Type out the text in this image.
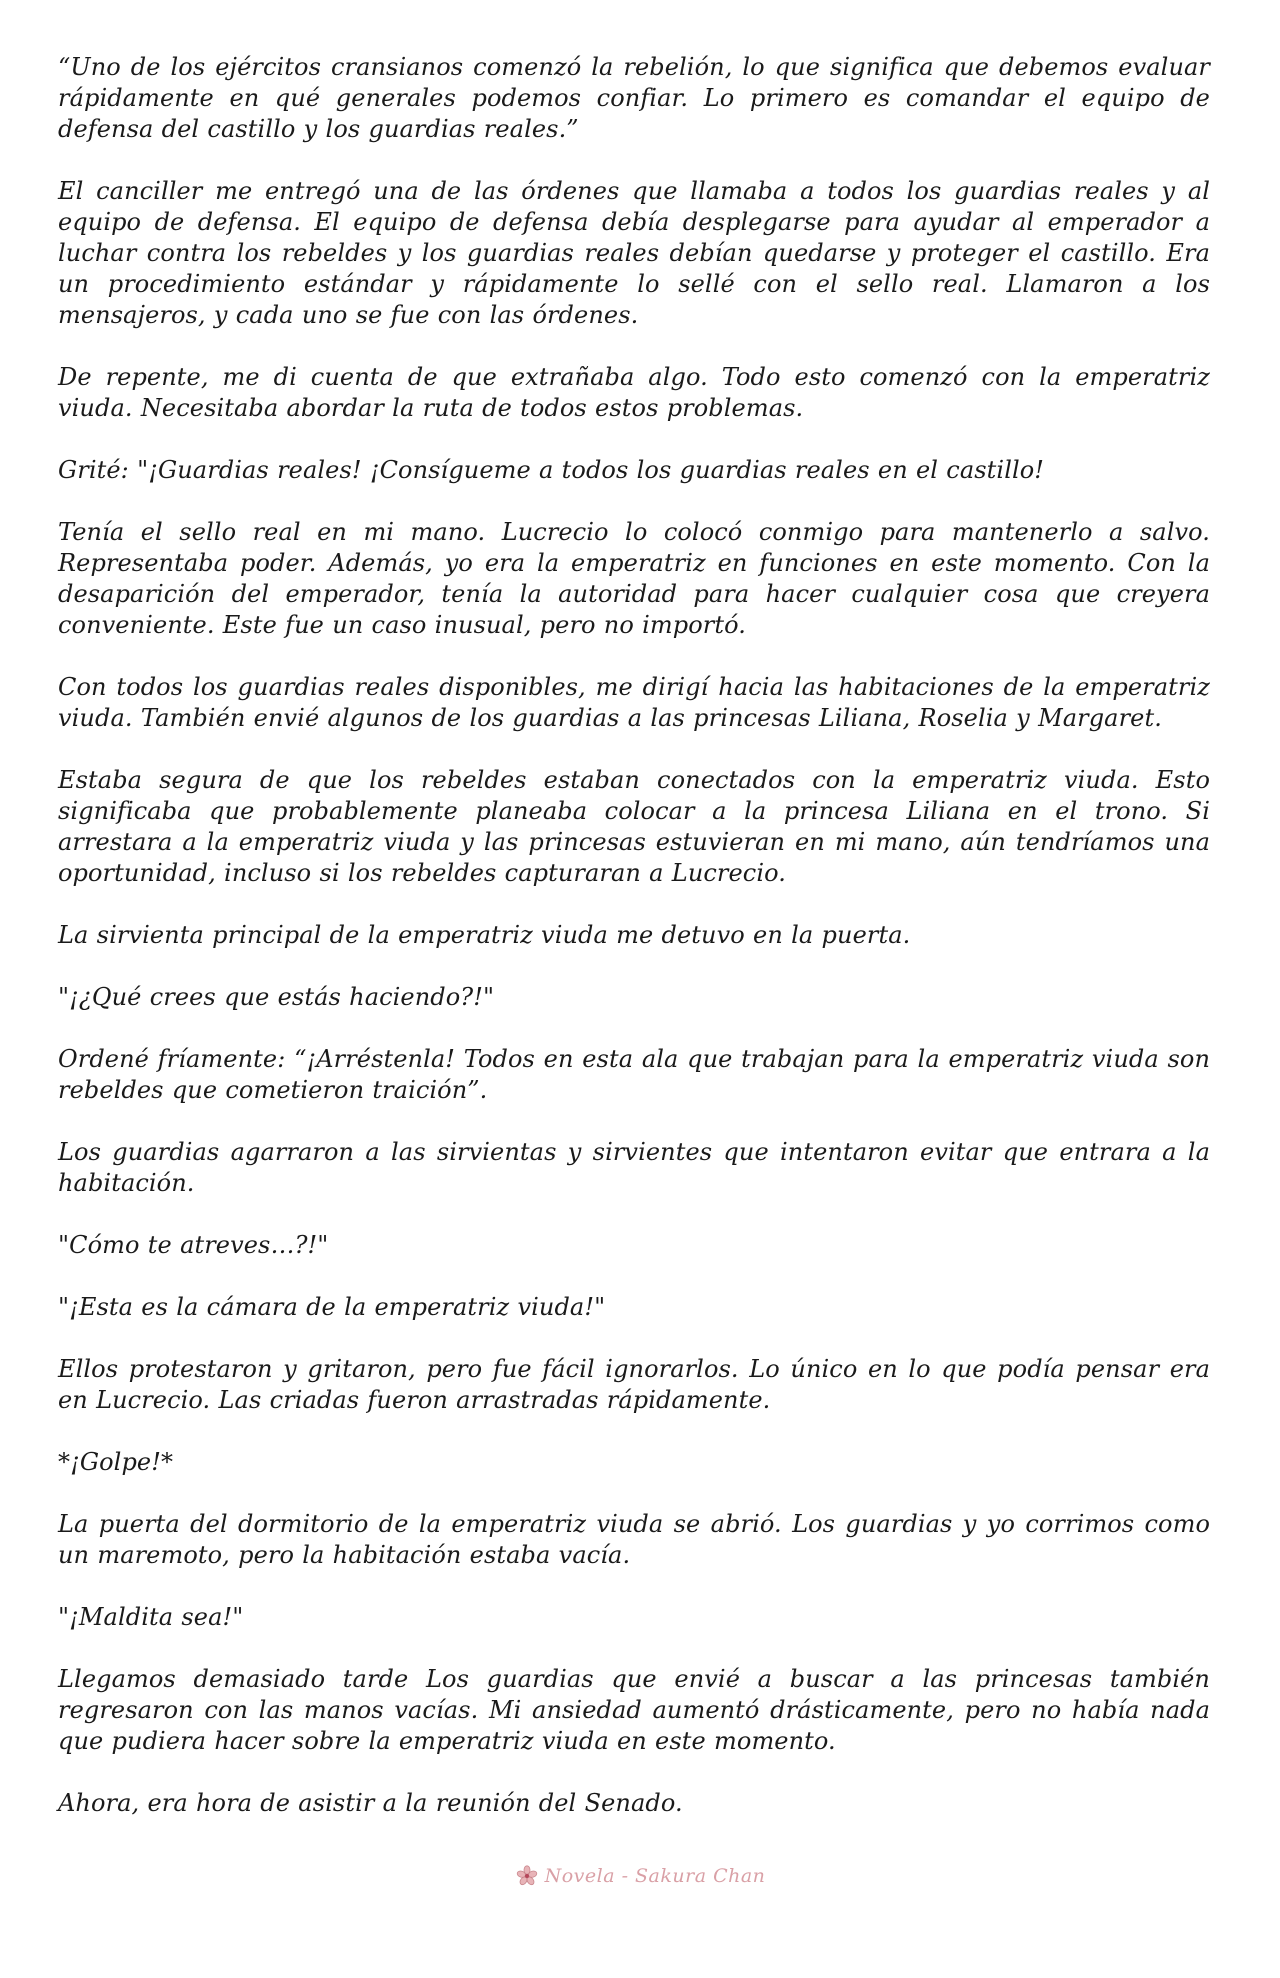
“Uno de los ejércitos cransianos comenzó la rebelión, lo que significa que debemos evaluar rápidamente en qué generales podemos confiar. Lo primero es comandar el equipo de defensa del castillo y los guardias reales.”

El canciller me entregó una de las órdenes que llamaba a todos los guardias reales y al equipo de defensa. El equipo de defensa debía desplegarse para ayudar al emperador a luchar contra los rebeldes y los guardias reales debían quedarse y proteger el castillo. Era un procedimiento estándar y rápidamente lo sellé con el sello real. Llamaron a los mensajeros, y cada uno se fue con las órdenes.

De repente, me di cuenta de que extrañaba algo. Todo esto comenzó con la emperatriz viuda. Necesitaba abordar la ruta de todos estos problemas.

Grité: "¡Guardias reales! ¡Consígueme a todos los guardias reales en el castillo!

Tenía el sello real en mi mano. Lucrecio lo colocó conmigo para mantenerlo a salvo. Representaba poder. Además, yo era la emperatriz en funciones en este momento. Con la desaparición del emperador, tenía la autoridad para hacer cualquier cosa que creyera conveniente. Este fue un caso inusual, pero no importó.

Con todos los guardias reales disponibles, me dirigí hacia las habitaciones de la emperatriz viuda. También envié algunos de los guardias a las princesas Liliana, Roselia y Margaret.

Estaba segura de que los rebeldes estaban conectados con la emperatriz viuda. Esto significaba que probablemente planeaba colocar a la princesa Liliana en el trono. Si arrestara a la emperatriz viuda y las princesas estuvieran en mi mano, aún tendríamos una oportunidad, incluso si los rebeldes capturaran a Lucrecio.

La sirvienta principal de la emperatriz viuda me detuvo en la puerta.

"¡¿Qué crees que estás haciendo?!"

Ordené fríamente: “¡Arréstenla! Todos en esta ala que trabajan para la emperatriz viuda son rebeldes que cometieron traición”.

Los guardias agarraron a las sirvientas y sirvientes que intentaron evitar que entrara a la habitación.

"Cómo te atreves…?!"

"¡Esta es la cámara de la emperatriz viuda!"

Ellos protestaron y gritaron, pero fue fácil ignorarlos. Lo único en lo que podía pensar era en Lucrecio. Las criadas fueron arrastradas rápidamente.

*¡Golpe!*

La puerta del dormitorio de la emperatriz viuda se abrió. Los guardias y yo corrimos como un maremoto, pero la habitación estaba vacía.

"¡Maldita sea!"

Llegamos demasiado tarde Los guardias que envié a buscar a las princesas también regresaron con las manos vacías. Mi ansiedad aumentó drásticamente, pero no había nada que pudiera hacer sobre la emperatriz viuda en este momento.

Ahora, era hora de asistir a la reunión del Senado.

Novela - Sakura Chan
